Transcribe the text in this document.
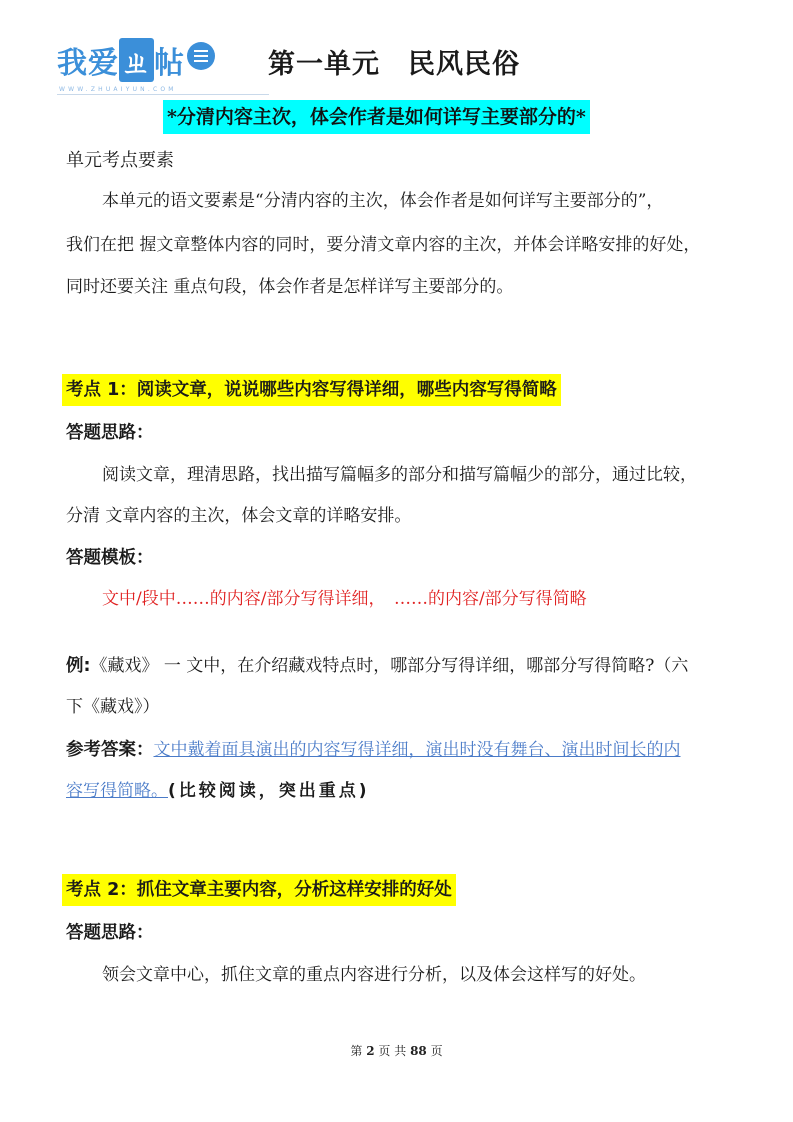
我爱ㄓ帖
WWW.ZHUAIYUN.COM
第一单元　民风民俗
*分清内容主次，体会作者是如何详写主要部分的*
单元考点要素
本单元的语文要素是“分清内容的主次，体会作者是如何详写主要部分的”，
我们在把 握文章整体内容的同时，要分清文章内容的主次，并体会详略安排的好处，
同时还要关注 重点句段，体会作者是怎样详写主要部分的。
考点 1：阅读文章，说说哪些内容写得详细，哪些内容写得简略
答题思路：
阅读文章，理清思路，找出描写篇幅多的部分和描写篇幅少的部分，通过比较，
分清 文章内容的主次，体会文章的详略安排。
答题模板：
文中/段中……的内容/部分写得详细，　……的内容/部分写得简略
例:《藏戏》 一 文中，在介绍藏戏特点时，哪部分写得详细，哪部分写得简略?（六
下《藏戏》）
参考答案：文中戴着面具演出的内容写得详细，演出时没有舞台、演出时间长的内
容写得简略。(比较阅读，突出重点)
考点 2：抓住文章主要内容，分析这样安排的好处
答题思路：
领会文章中心，抓住文章的重点内容进行分析，以及体会这样写的好处。
第 2 页 共 88 页
